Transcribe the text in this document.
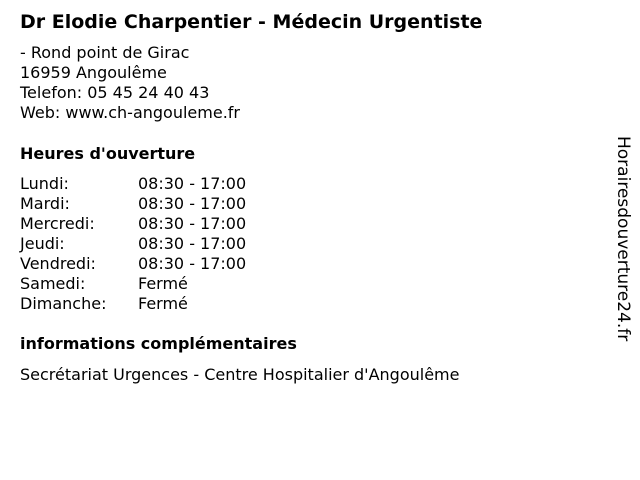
Dr Elodie Charpentier - Médecin Urgentiste
- Rond point de Girac
16959 Angoulême
Telefon: 05 45 24 40 43
Web: www.ch-angouleme.fr
Heures d'ouverture
Lundi:	08:30 - 17:00
Mardi:	08:30 - 17:00
Mercredi:	08:30 - 17:00
Jeudi:	08:30 - 17:00
Vendredi:	08:30 - 17:00
Samedi:	Fermé
Dimanche:	Fermé
informations complémentaires
Secrétariat Urgences - Centre Hospitalier d'Angoulême
Horairesdouverture24.fr
